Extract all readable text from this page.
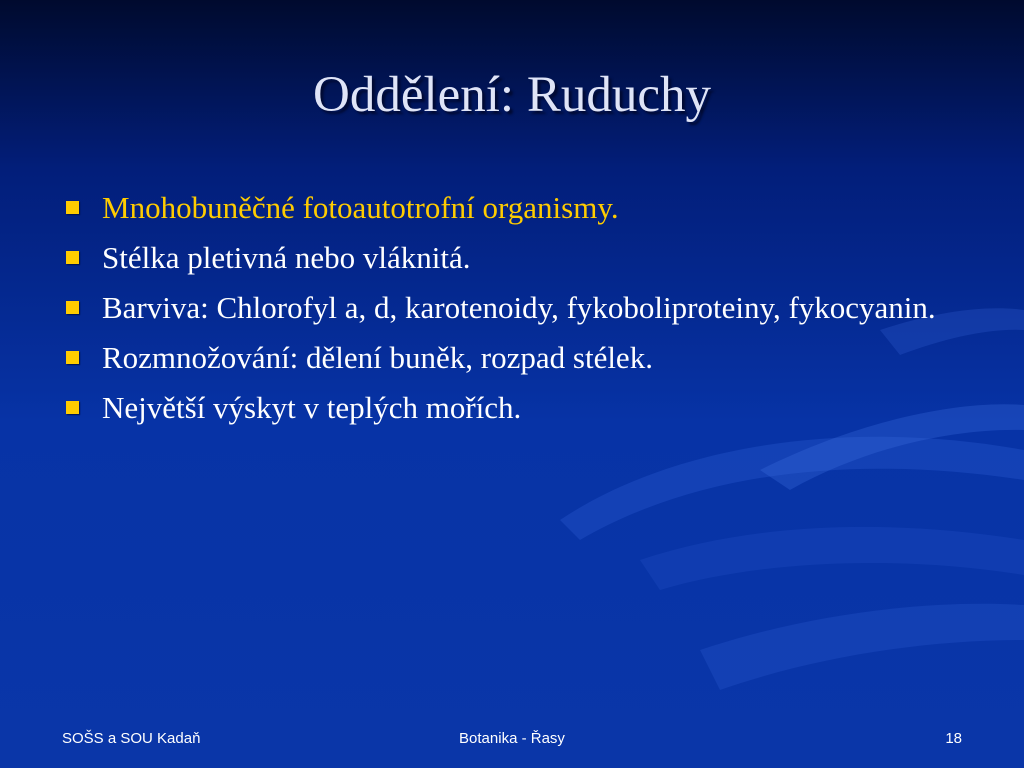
Oddělení: Ruduchy
Mnohobuněčné fotoautotrofní organismy.
Stélka pletivná nebo vláknitá.
Barviva: Chlorofyl a, d, karotenoidy, fykoboliproteiny, fykocyanin.
Rozmnožování: dělení buněk, rozpad stélek.
Největší výskyt v teplých mořích.
Botanika - Řasy
SOŠS a SOU Kadaň	18
